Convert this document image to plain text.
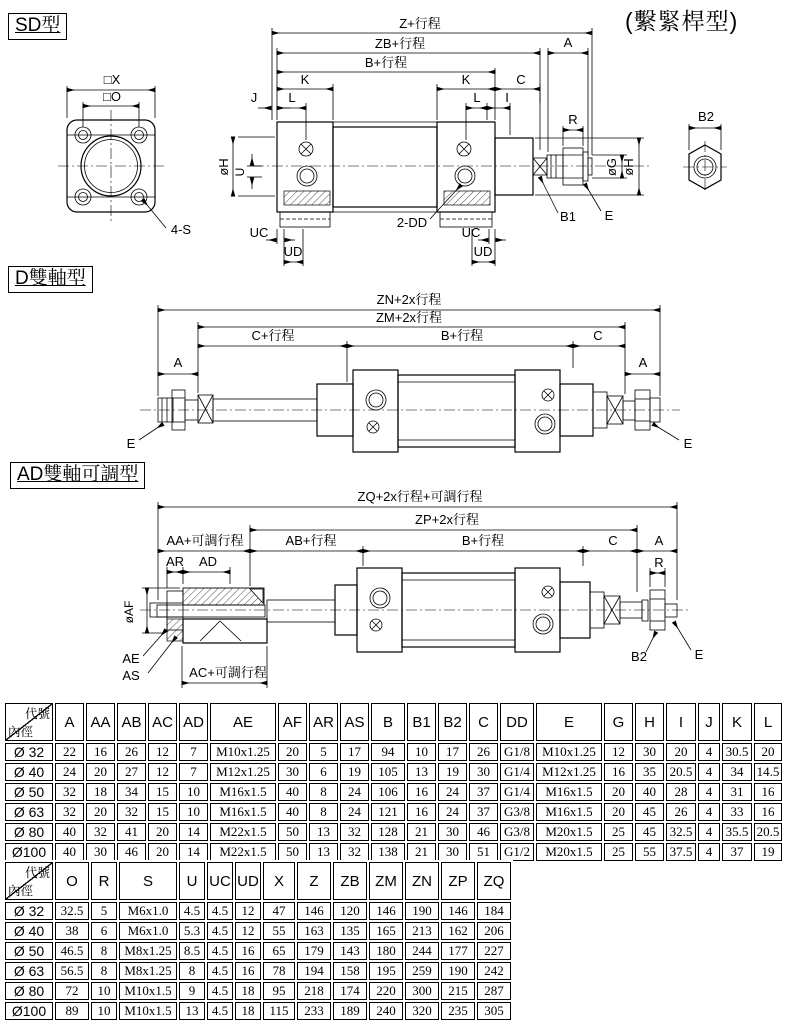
SD型
D雙軸型
AD雙軸可調型
(繫緊桿型)
□X
□O
4-S
Z+行程
ZB+行程	A
B+行程
K	K	C
J L	L I
øH U
UC
UD
UC
UD
2-DD
R
B1 E
øG øH
B2
ZN+2x行程
ZM+2x行程
C+行程	B+行程	C
A	A
E	E
ZQ+2x行程+可調行程
ZP+2x行程
AA+可調行程	AB+行程	B+行程	C	A
R
AR AD
øAF
AE
AS	AC+可調行程
B2	E
代號
內徑	A	AA	AB	AC	AD	AE	AF	AR	AS	B	B1	B2	C	DD	E	G	H	I	J	K	L
Ø 32	22	16	26	12	7	M10x1.25	20	5	17	94	10	17	26	G1/8	M10x1.25	12	30	20	4	30.5	20
Ø 40	24	20	27	12	7	M12x1.25	30	6	19	105	13	19	30	G1/4	M12x1.25	16	35	20.5	4	34	14.5
Ø 50	32	18	34	15	10	M16x1.5	40	8	24	106	16	24	37	G1/4	M16x1.5	20	40	28	4	31	16
Ø 63	32	20	32	15	10	M16x1.5	40	8	24	121	16	24	37	G3/8	M16x1.5	20	45	26	4	33	16
Ø 80	40	32	41	20	14	M22x1.5	50	13	32	128	21	30	46	G3/8	M20x1.5	25	45	32.5	4	35.5	20.5
Ø100	40	30	46	20	14	M22x1.5	50	13	32	138	21	30	51	G1/2	M20x1.5	25	55	37.5	4	37	19
代號
內徑	O	R	S	U	UC	UD	X	Z	ZB	ZM	ZN	ZP	ZQ
Ø 32	32.5	5	M6x1.0	4.5	4.5	12	47	146	120	146	190	146	184
Ø 40	38	6	M6x1.0	5.3	4.5	12	55	163	135	165	213	162	206
Ø 50	46.5	8	M8x1.25	8.5	4.5	16	65	179	143	180	244	177	227
Ø 63	56.5	8	M8x1.25	8	4.5	16	78	194	158	195	259	190	242
Ø 80	72	10	M10x1.5	9	4.5	18	95	218	174	220	300	215	287
Ø100	89	10	M10x1.5	13	4.5	18	115	233	189	240	320	235	305
